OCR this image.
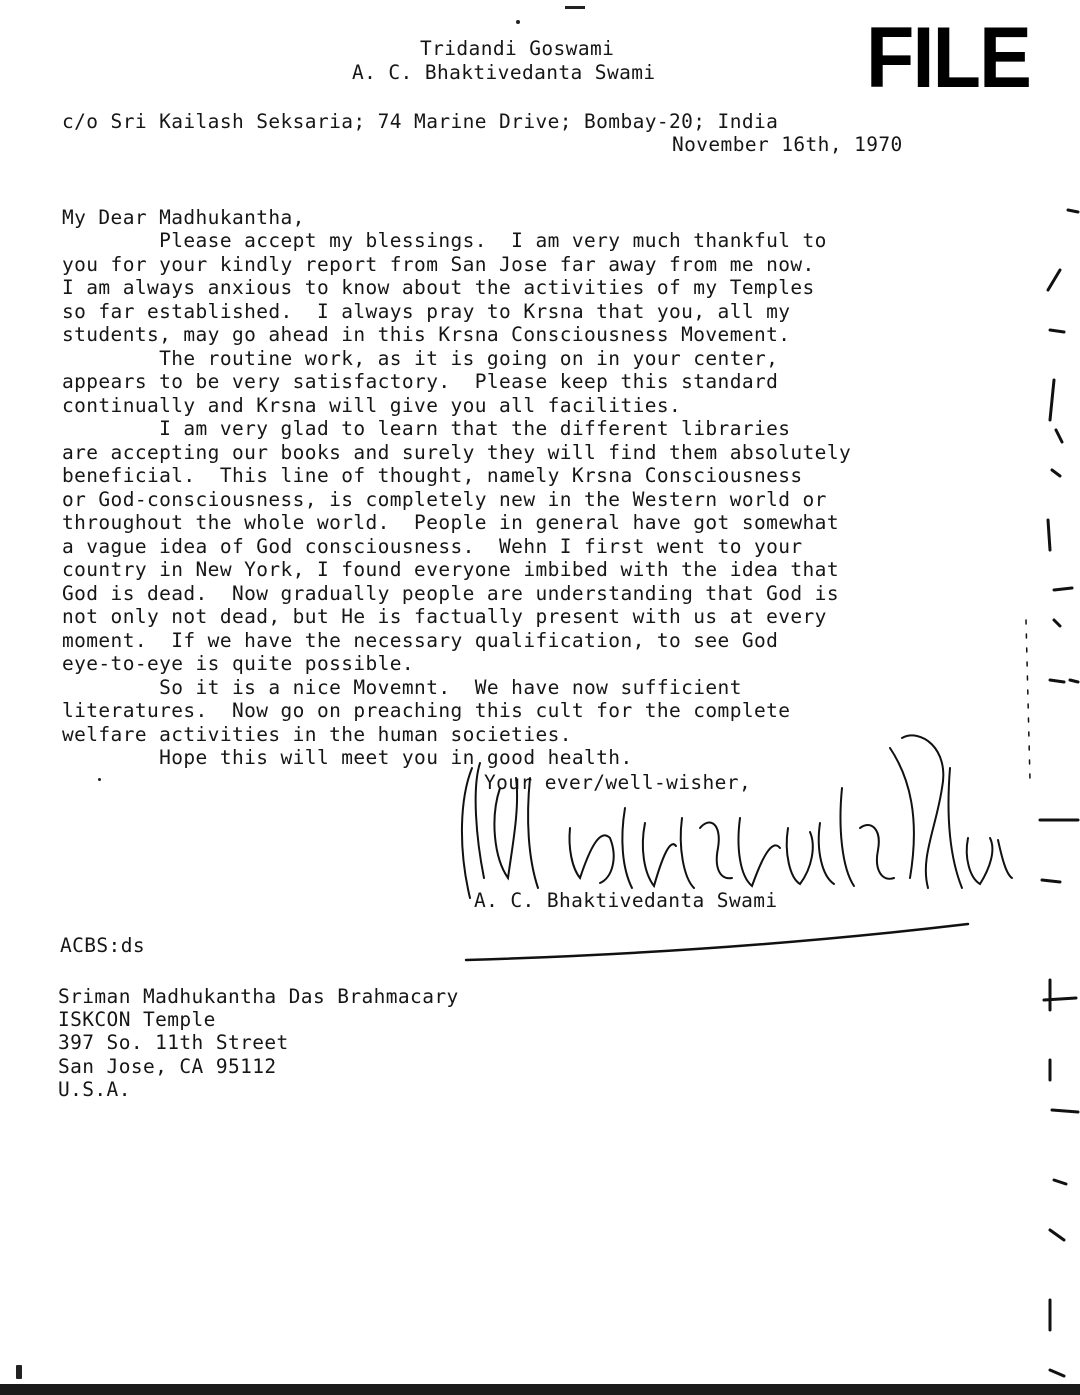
Tridandi Goswami
A. C. Bhaktivedanta Swami FILE
c/o Sri Kailash Seksaria; 74 Marine Drive; Bombay-20; India
November 16th, 1970
My Dear Madhukantha,
Please accept my blessings.  I am very much thankful to
you for your kindly report from San Jose far away from me now.
I am always anxious to know about the activities of my Temples
so far established.  I always pray to Krsna that you, all my
students, may go ahead in this Krsna Consciousness Movement.
The routine work, as it is going on in your center,
appears to be very satisfactory.  Please keep this standard
continually and Krsna will give you all facilities.
I am very glad to learn that the different libraries
are accepting our books and surely they will find them absolutely
beneficial.  This line of thought, namely Krsna Consciousness
or God-consciousness, is completely new in the Western world or
throughout the whole world.  People in general have got somewhat
a vague idea of God consciousness.  Wehn I first went to your
country in New York, I found everyone imbibed with the idea that
God is dead.  Now gradually people are understanding that God is
not only not dead, but He is factually present with us at every
moment.  If we have the necessary qualification, to see God
eye-to-eye is quite possible.
So it is a nice Movemnt.  We have now sufficient
literatures.  Now go on preaching this cult for the complete
welfare activities in the human societies.
Hope this will meet you in good health.
Your ever/well-wisher,
A. C. Bhaktivedanta Swami
ACBS:ds
Sriman Madhukantha Das Brahmacary
ISKCON Temple
397 So. 11th Street
San Jose, CA 95112
U.S.A.
